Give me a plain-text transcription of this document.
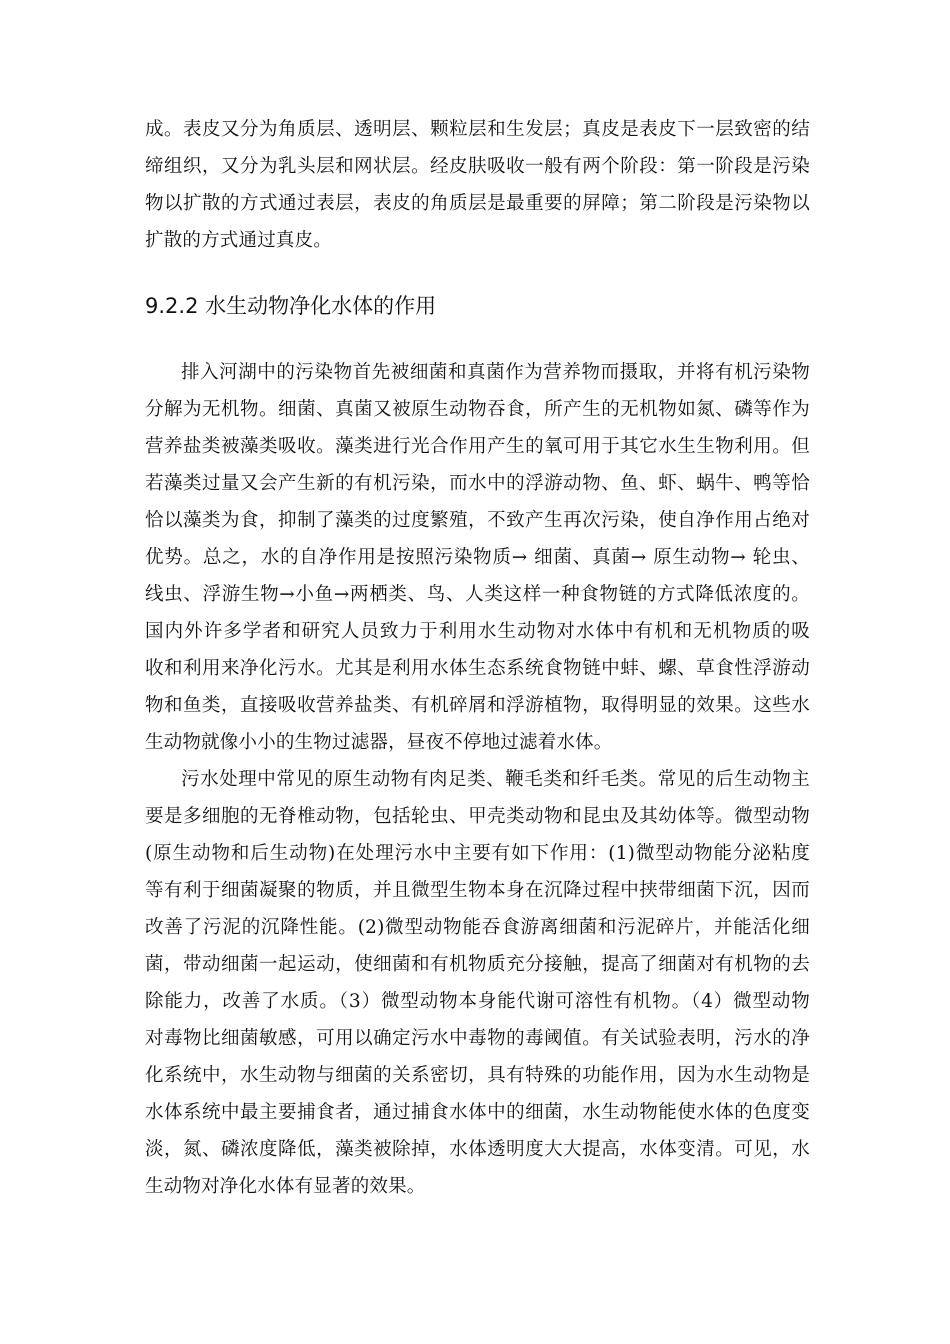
成。表皮又分为角质层、透明层、颗粒层和生发层；真皮是表皮下一层致密的结
缔组织，又分为乳头层和网状层。经皮肤吸收一般有两个阶段：第一阶段是污染
物以扩散的方式通过表层，表皮的角质层是最重要的屏障；第二阶段是污染物以
扩散的方式通过真皮。
9.2.2 水生动物净化水体的作用
排入河湖中的污染物首先被细菌和真菌作为营养物而摄取，并将有机污染物
分解为无机物。细菌、真菌又被原生动物吞食，所产生的无机物如氮、磷等作为
营养盐类被藻类吸收。藻类进行光合作用产生的氧可用于其它水生生物利用。但
若藻类过量又会产生新的有机污染，而水中的浮游动物、鱼、虾、蜗牛、鸭等恰
恰以藻类为食，抑制了藻类的过度繁殖，不致产生再次污染，使自净作用占绝对
优势。总之，水的自净作用是按照污染物质→ 细菌、真菌→ 原生动物→ 轮虫、
线虫、浮游生物→小鱼→两栖类、鸟、人类这样一种食物链的方式降低浓度的。
国内外许多学者和研究人员致力于利用水生动物对水体中有机和无机物质的吸
收和利用来净化污水。尤其是利用水体生态系统食物链中蚌、螺、草食性浮游动
物和鱼类，直接吸收营养盐类、有机碎屑和浮游植物，取得明显的效果。这些水
生动物就像小小的生物过滤器，昼夜不停地过滤着水体。
污水处理中常见的原生动物有肉足类、鞭毛类和纤毛类。常见的后生动物主
要是多细胞的无脊椎动物，包括轮虫、甲壳类动物和昆虫及其幼体等。微型动物
(原生动物和后生动物)在处理污水中主要有如下作用：(1)微型动物能分泌粘度
等有利于细菌凝聚的物质，并且微型生物本身在沉降过程中挟带细菌下沉，因而
改善了污泥的沉降性能。(2)微型动物能吞食游离细菌和污泥碎片，并能活化细
菌，带动细菌一起运动，使细菌和有机物质充分接触，提高了细菌对有机物的去
除能力，改善了水质。（3）微型动物本身能代谢可溶性有机物。（4）微型动物
对毒物比细菌敏感，可用以确定污水中毒物的毒阈值。有关试验表明，污水的净
化系统中，水生动物与细菌的关系密切，具有特殊的功能作用，因为水生动物是
水体系统中最主要捕食者，通过捕食水体中的细菌，水生动物能使水体的色度变
淡，氮、磷浓度降低，藻类被除掉，水体透明度大大提高，水体变清。可见，水
生动物对净化水体有显著的效果。
